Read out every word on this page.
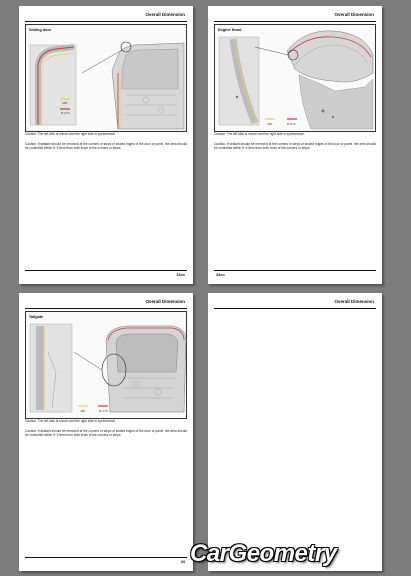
Overall Dimension
Sliding door
A80
B-U76

Caution: The left side is shown and the right side is symmetrical.

Caution: If sealant should be removed at the corners or steps of sealed edges of the door or panel, the area should be controlled within 5~10mm from both ends of the corners or steps.

33cn
Overall Dimension
Engine Hood
A80	B-U76

Caution: The left side is shown and the right side is symmetrical.

Caution: If sealant should be removed at the corners or steps of sealed edges of the door or panel, the area should be controlled within 5~10mm from both ends of the corners or steps.

33cn
Overall Dimension
Tailgate
A80	B-U76

Caution: The left side is shown and the right side is symmetrical.

Caution: If sealant should be removed at the corners or steps of sealed edges of the door or panel, the area should be controlled within 5~10mm from both ends of the corners or steps.

33
Overall Dimension
CarGeometry
